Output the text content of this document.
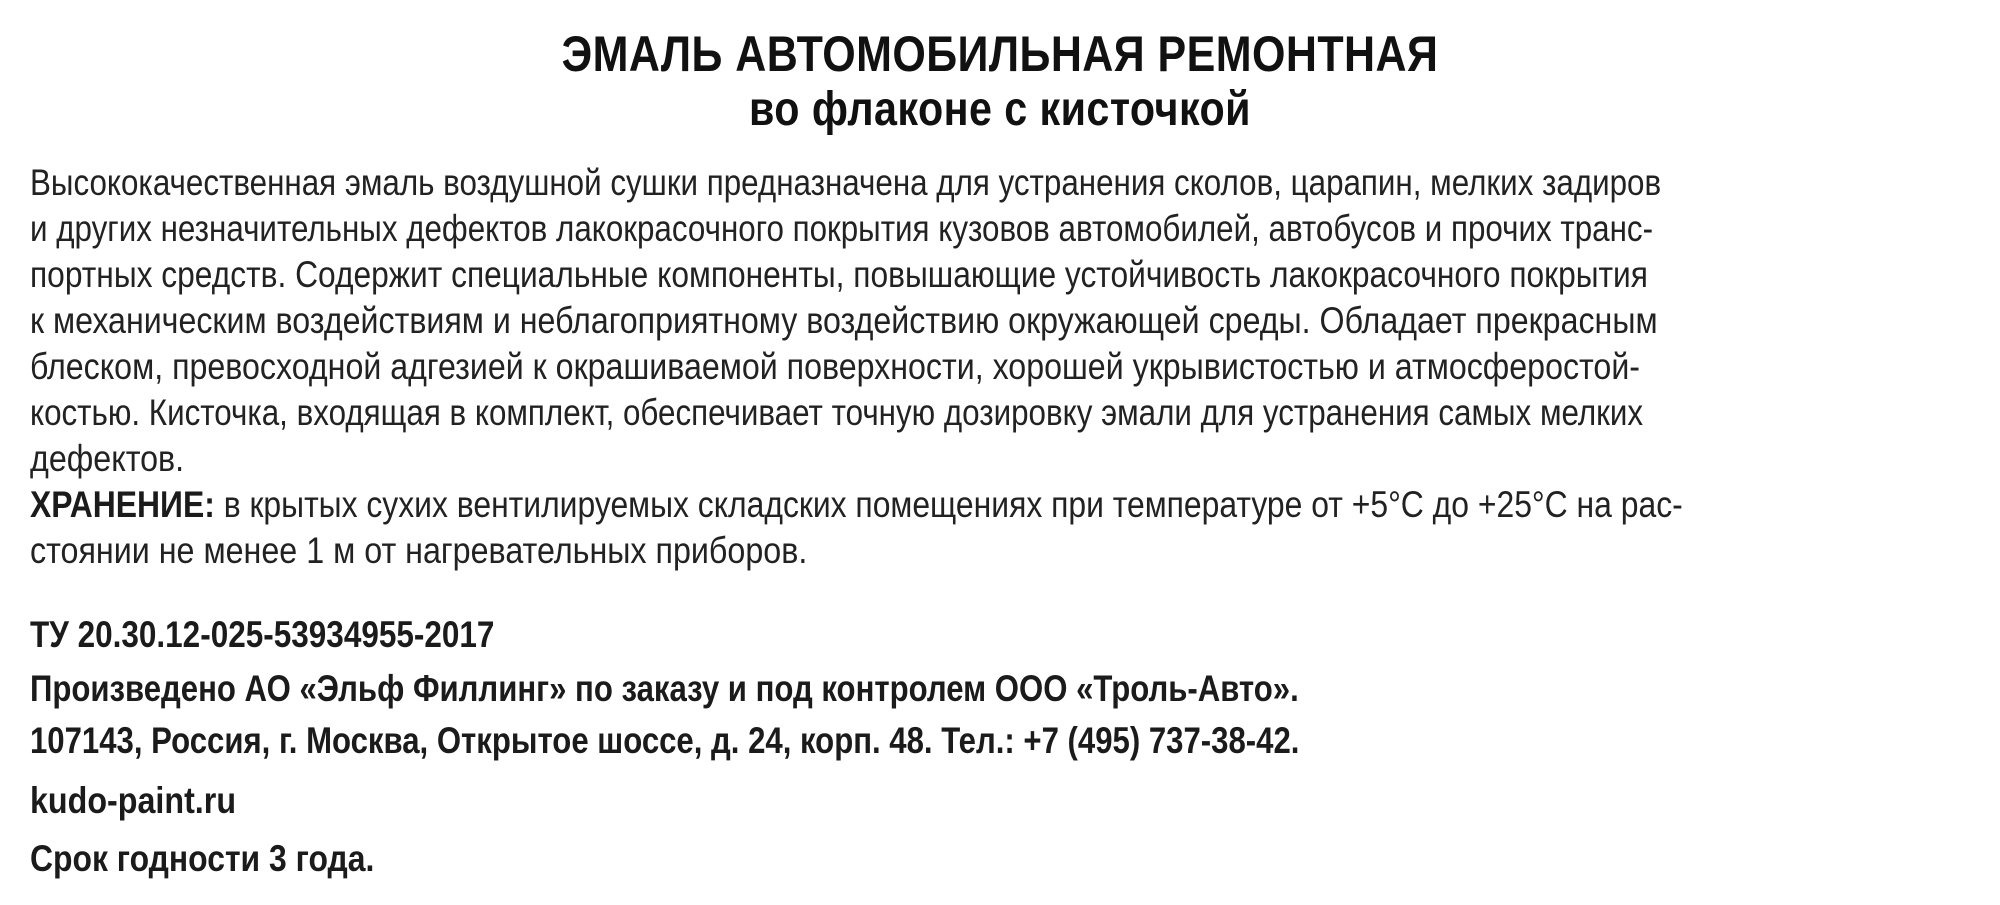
ЭМАЛЬ АВТОМОБИЛЬНАЯ РЕМОНТНАЯ
во флаконе с кисточкой
Высококачественная эмаль воздушной сушки предназначена для устранения сколов, царапин, мелких задиров
и других незначительных дефектов лакокрасочного покрытия кузовов автомобилей, автобусов и прочих транс-
портных средств. Содержит специальные компоненты, повышающие устойчивость лакокрасочного покрытия
к механическим воздействиям и неблагоприятному воздействию окружающей среды. Обладает прекрасным
блеском, превосходной адгезией к окрашиваемой поверхности, хорошей укрывистостью и атмосферостой-
костью. Кисточка, входящая в комплект, обеспечивает точную дозировку эмали для устранения самых мелких
дефектов.
ХРАНЕНИЕ: в крытых сухих вентилируемых складских помещениях при температуре от +5°С до +25°С на рас-
стоянии не менее 1 м от нагревательных приборов.
ТУ 20.30.12-025-53934955-2017
Произведено АО «Эльф Филлинг» по заказу и под контролем ООО «Троль-Авто».
107143, Россия, г. Москва, Открытое шоссе, д. 24, корп. 48. Тел.: +7 (495) 737-38-42.
kudo-paint.ru
Срок годности 3 года.
